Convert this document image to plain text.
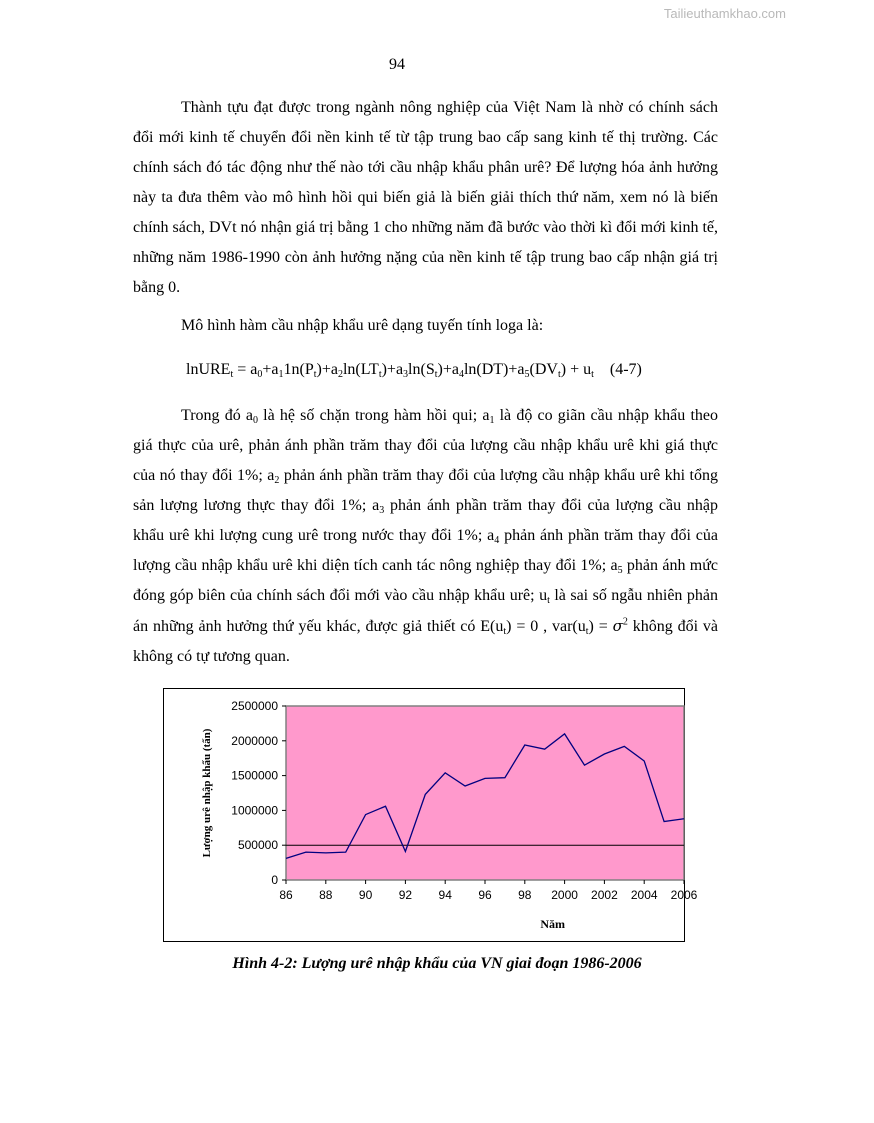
Tailieuthamkhao.com
94

Thành tựu đạt được trong ngành nông nghiệp của Việt Nam là nhờ có chính sách đổi mới kinh tế chuyển đổi nền kinh tế từ tập trung bao cấp sang kinh tế thị trường. Các chính sách đó tác động như thế nào tới cầu nhập khẩu phân urê? Để lượng hóa ảnh hưởng này ta đưa thêm vào mô hình hồi qui biến giả là biến giải thích thứ năm, xem nó là biến chính sách, DVt nó nhận giá trị bằng 1 cho những năm đã bước vào thời kì đổi mới kinh tế, những năm 1986-1990 còn ảnh hưởng nặng của nền kinh tế tập trung bao cấp nhận giá trị bằng 0.

Mô hình hàm cầu nhập khẩu urê dạng tuyến tính loga là:

lnURE$_t$ = $a_0+a_11n(P_t)+a_2\ln(LT_t)+a_3\ln(S_t)+a_4\ln(DT)+a_5(DV_t) + u_t$ (4-7)

Trong đó $a_0$ là hệ số chặn trong hàm hồi qui; $a_1$ là độ co giãn cầu nhập khẩu theo giá thực của urê, phản ánh phần trăm thay đổi của lượng cầu nhập khẩu urê khi giá thực của nó thay đổi 1%; $a_2$ phản ánh phần trăm thay đổi của lượng cầu nhập khẩu urê khi tổng sản lượng lương thực thay đổi 1%; $a_3$ phản ánh phần trăm thay đổi của lượng cầu nhập khẩu urê khi lượng cung urê trong nước thay đổi 1%; $a_4$ phản ánh phần trăm thay đổi của lượng cầu nhập khẩu urê khi diện tích canh tác nông nghiệp thay đổi 1%; $a_5$ phản ánh mức đóng góp biên của chính sách đổi mới vào cầu nhập khẩu urê; $u_t$ là sai số ngẫu nhiên phản án những ảnh hưởng thứ yếu khác, được giả thiết có $E(u_t) = 0$ , $var(u_t) = \sigma^2$ không đổi và không có tự tương quan.

0
500000
1000000
1500000
2000000
2500000
86 88 90 92 94 96 98 2000 2002 2004 2006
Lượng urê nhập khẩu (tấn)
Năm
Hình 4-2: Lượng urê nhập khẩu của VN giai đoạn 1986-2006
